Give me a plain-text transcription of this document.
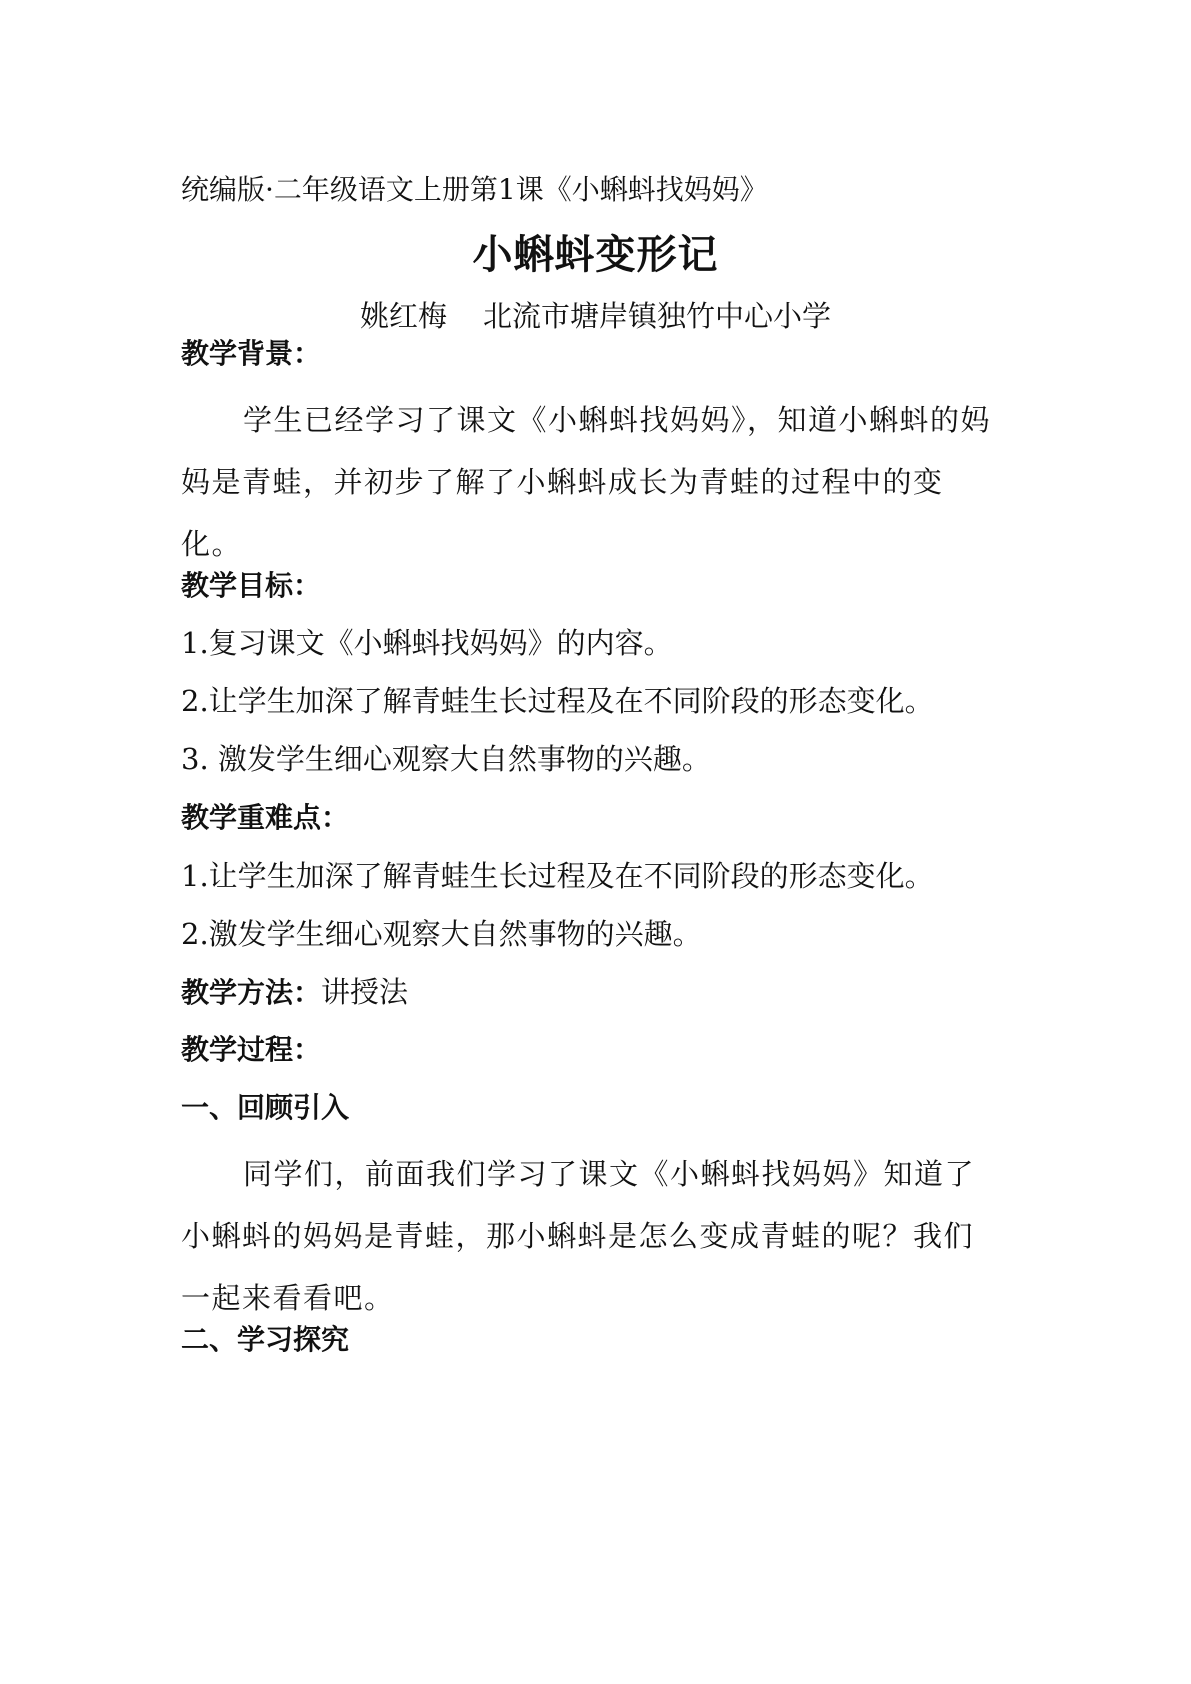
统编版·二年级语文上册第1课《小蝌蚪找妈妈》
小蝌蚪变形记
姚红梅 北流市塘岸镇独竹中心小学
教学背景：
学生已经学习了课文《小蝌蚪找妈妈》，知道小蝌蚪的妈妈是青蛙，并初步了解了小蝌蚪成长为青蛙的过程中的变化。
教学目标：
1.复习课文《小蝌蚪找妈妈》的内容。
2.让学生加深了解青蛙生长过程及在不同阶段的形态变化。
3. 激发学生细心观察大自然事物的兴趣。
教学重难点：
1.让学生加深了解青蛙生长过程及在不同阶段的形态变化。
2.激发学生细心观察大自然事物的兴趣。
教学方法：讲授法
教学过程：
一、回顾引入
同学们，前面我们学习了课文《小蝌蚪找妈妈》知道了小蝌蚪的妈妈是青蛙，那小蝌蚪是怎么变成青蛙的呢？我们一起来看看吧。
二、学习探究
